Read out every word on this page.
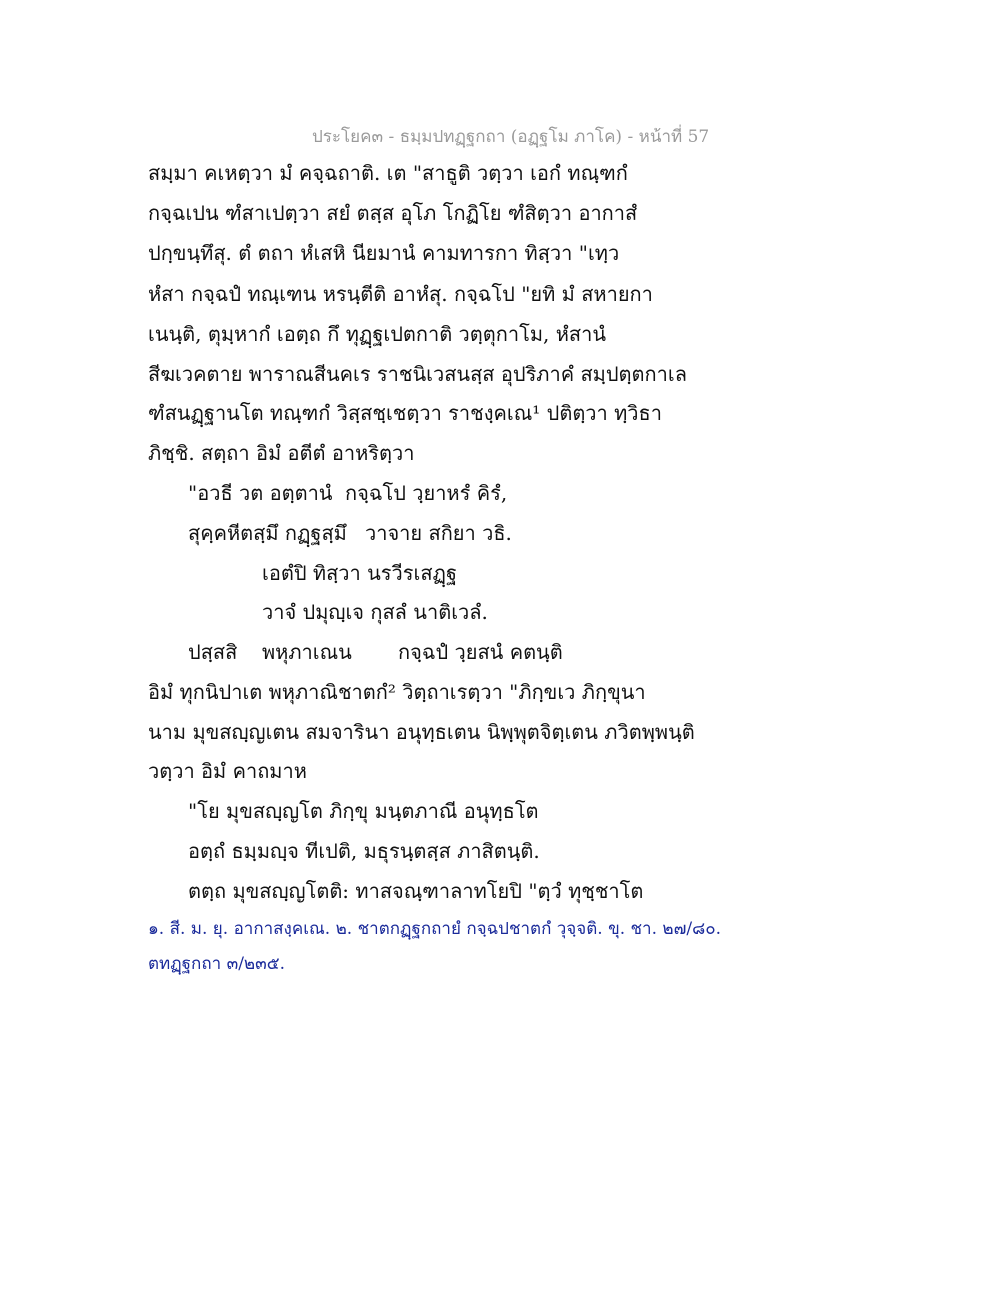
ประโยค๓ - ธมฺมปทฏฺฐกถา (อฏฺฐโม ภาโค) - หน้าที่ 57
สมฺมา คเหตฺวา มํ คจฺฉถาติ. เต "สาธูติ วตฺวา เอกํ ทณฺฑกํ
กจฺฉเปน ฑํสาเปตฺวา สยํ ตสฺส อุโภ โกฏิโย ฑํสิตฺวา อากาสํ
ปกฺขนฺทึสุ. ตํ ตถา หํเสหิ นียมานํ คามทารกา ทิสฺวา "เทฺว
หํสา กจฺฉปํ ทณฺเฑน หรนฺตีติ อาหํสุ. กจฺฉโป "ยทิ มํ สหายกา
เนนฺติ, ตุมฺหากํ เอตฺถ กึ ทุฏฺฐเปตกาติ วตฺตุกาโม, หํสานํ
สีฆเวคตาย พาราณสีนคเร ราชนิเวสนสฺส อุปริภาคํ สมฺปตฺตกาเล
ฑํสนฏฺฐานโต ทณฺฑกํ วิสฺสชฺเชตฺวา ราชงฺคเณ¹ ปติตฺวา ทฺวิธา
ภิชฺชิ. สตฺถา อิมํ อตีตํ อาหริตฺวา
"อวธี วต อตฺตานํ กจฺฉโป วฺยาหรํ คิรํ,
สุคฺคหีตสฺมึ กฏฺฐสฺมึ วาจาย สกิยา วธิ.
เอตํปิ ทิสฺวา นรวีรเสฏฺฐ
วาจํ ปมุญฺเจ กุสลํ นาติเวลํ.
ปสฺสสิ พหุภาเณน กจฺฉปํ วฺยสนํ คตนฺติ
อิมํ ทุกนิปาเต พหุภาณิชาตกํ² วิตฺถาเรตฺวา "ภิกฺขเว ภิกฺขุนา
นาม มุขสญฺญเตน สมจารินา อนุทฺธเตน นิพฺพุตจิตฺเตน ภวิตพฺพนฺติ
วตฺวา อิมํ คาถมาห
"โย มุขสญฺญโต ภิกฺขุ มนฺตภาณี อนุทฺธโต
อตฺถํ ธมฺมญฺจ ทีเปติ, มธุรนฺตสฺส ภาสิตนฺติ.
ตตฺถ มุขสญฺญโตติ: ทาสจณฺฑาลาทโยปิ "ตฺวํ ทุชฺชาโต
๑. สี. ม. ยุ. อากาสงฺคเณ. ๒. ชาตกฏฺฐกถายํ กจฺฉปชาตกํ วุจฺจติ. ขุ. ชา. ๒๗/๘๐.
ตทฏฺฐกถา ๓/๒๓๕.
